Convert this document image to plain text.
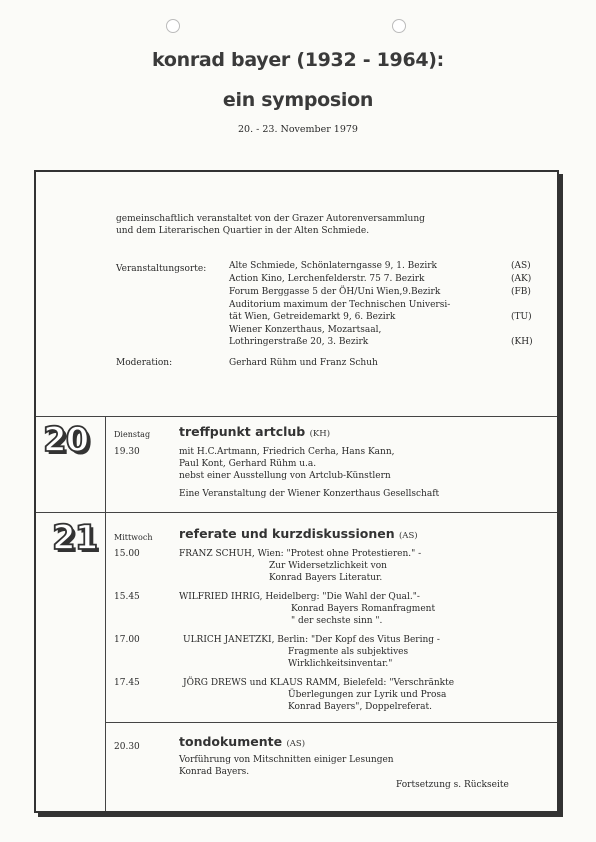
konrad bayer (1932 - 1964):
ein symposion
20. - 23. November 1979
gemeinschaftlich veranstaltet von der Grazer Autorenversammlung
und dem Literarischen Quartier in der Alten Schmiede.
Veranstaltungsorte:	Alte Schmiede, Schönlaterngasse 9, 1. Bezirk	(AS)
Action Kino, Lerchenfelderstr. 75 7. Bezirk	(AK)
Forum Berggasse 5 der ÖH/Uni Wien,9.Bezirk	(FB)
Auditorium maximum der Technischen Universi-
tät Wien, Getreidemarkt 9, 6. Bezirk	(TU)
Wiener Konzerthaus, Mozartsaal,
Lothringerstraße 20, 3. Bezirk	(KH)
Moderation:	Gerhard Rühm und Franz Schuh
20	Dienstag treffpunkt artclub (KH)
19.30	mit H.C.Artmann, Friedrich Cerha, Hans Kann,
Paul Kont, Gerhard Rühm u.a.
nebst einer Ausstellung von Artclub-Künstlern
Eine Veranstaltung der Wiener Konzerthaus Gesellschaft
21 Mittwoch referate und kurzdiskussionen (AS)
15.00	FRANZ SCHUH, Wien: "Protest ohne Protestieren." -
Zur Widersetzlichkeit von
Konrad Bayers Literatur.
15.45	WILFRIED IHRIG, Heidelberg: "Die Wahl der Qual."-
Konrad Bayers Romanfragment
" der sechste sinn ".
17.00	ULRICH JANETZKI, Berlin: "Der Kopf des Vitus Bering -
Fragmente als subjektives
Wirklichkeitsinventar."
17.45	JÖRG DREWS und KLAUS RAMM, Bielefeld: "Verschränkte
Überlegungen zur Lyrik und Prosa
Konrad Bayers", Doppelreferat.
20.30	tondokumente (AS)
Vorführung von Mitschnitten einiger Lesungen
Konrad Bayers.
Fortsetzung s. Rückseite
